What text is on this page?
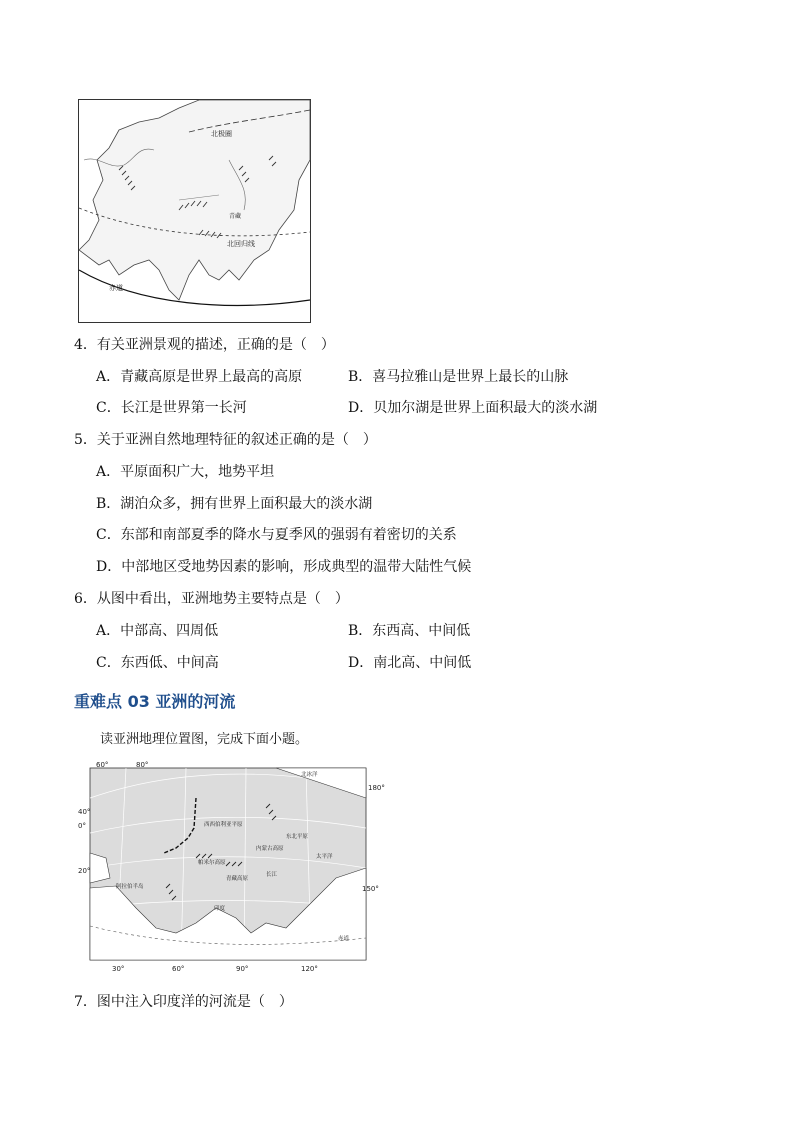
北极圈
北回归线
赤道
青藏
4．有关亚洲景观的描述，正确的是（　）
A．青藏高原是世界上最高的高原	B．喜马拉雅山是世界上最长的山脉
C．长江是世界第一长河	D．贝加尔湖是世界上面积最大的淡水湖
5．关于亚洲自然地理特征的叙述正确的是（　）
A．平原面积广大，地势平坦
B．湖泊众多，拥有世界上面积最大的淡水湖
C．东部和南部夏季的降水与夏季风的强弱有着密切的关系
D．中部地区受地势因素的影响，形成典型的温带大陆性气候
6．从图中看出，亚洲地势主要特点是（　）
A．中部高、四周低	B．东西高、中间低
C．东西低、中间高	D．南北高、中间低
重难点 03 亚洲的河流
读亚洲地理位置图，完成下面小题。
60°	80°
40°
0°
20°
30°	60°	90°	120°
180°
150°
西西伯利亚平原
东北平原
内蒙古高原
帕米尔高原
青藏高原
印度
长江
阿拉伯半岛
太平洋
赤道
北冰洋
7．图中注入印度洋的河流是（　）
